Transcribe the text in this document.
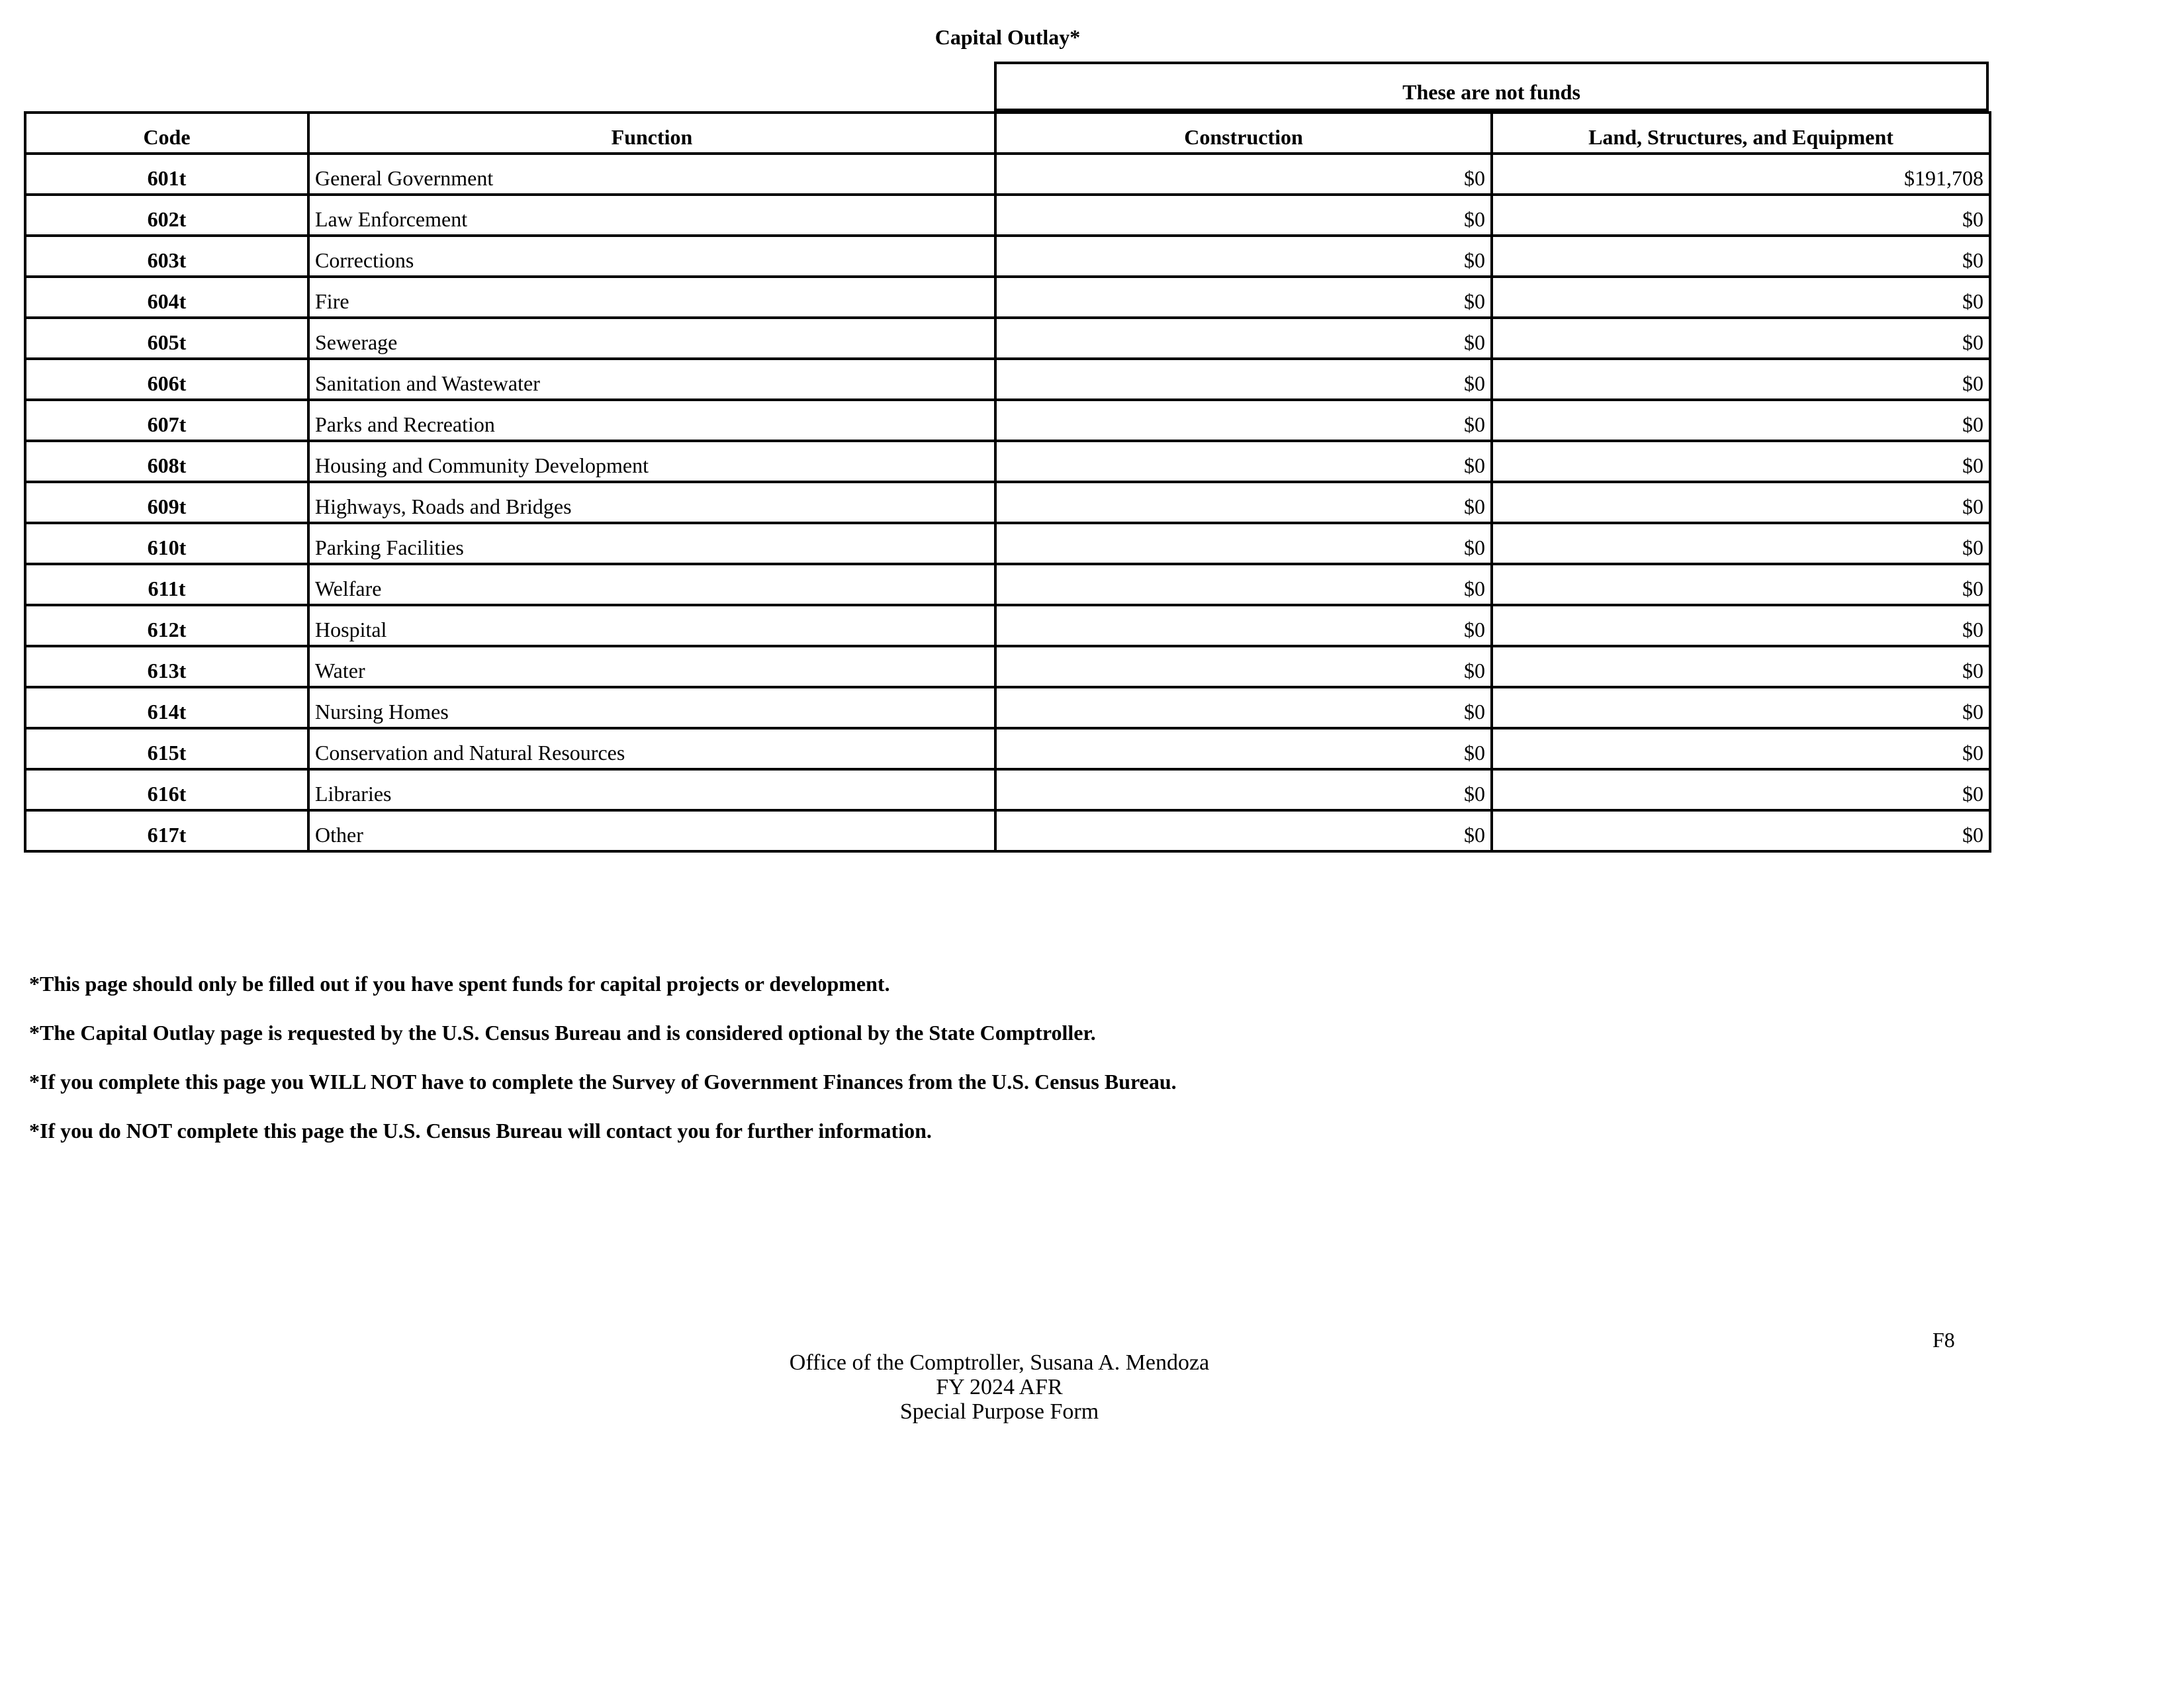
Capital Outlay*
These are not funds
Code	Function	Construction	Land, Structures, and Equipment
601t	General Government	$0	$191,708
602t	Law Enforcement	$0	$0
603t	Corrections	$0	$0
604t	Fire	$0	$0
605t	Sewerage	$0	$0
606t	Sanitation and Wastewater	$0	$0
607t	Parks and Recreation	$0	$0
608t	Housing and Community Development	$0	$0
609t	Highways, Roads and Bridges	$0	$0
610t	Parking Facilities	$0	$0
611t	Welfare	$0	$0
612t	Hospital	$0	$0
613t	Water	$0	$0
614t	Nursing Homes	$0	$0
615t	Conservation and Natural Resources	$0	$0
616t	Libraries	$0	$0
617t	Other	$0	$0

*This page should only be filled out if you have spent funds for capital projects or development.

*The Capital Outlay page is requested by the U.S. Census Bureau and is considered optional by the State Comptroller.

*If you complete this page you WILL NOT have to complete the Survey of Government Finances from the U.S. Census Bureau.

*If you do NOT complete this page the U.S. Census Bureau will contact you for further information.

F8
Office of the Comptroller, Susana A. Mendoza
FY 2024 AFR
Special Purpose Form
